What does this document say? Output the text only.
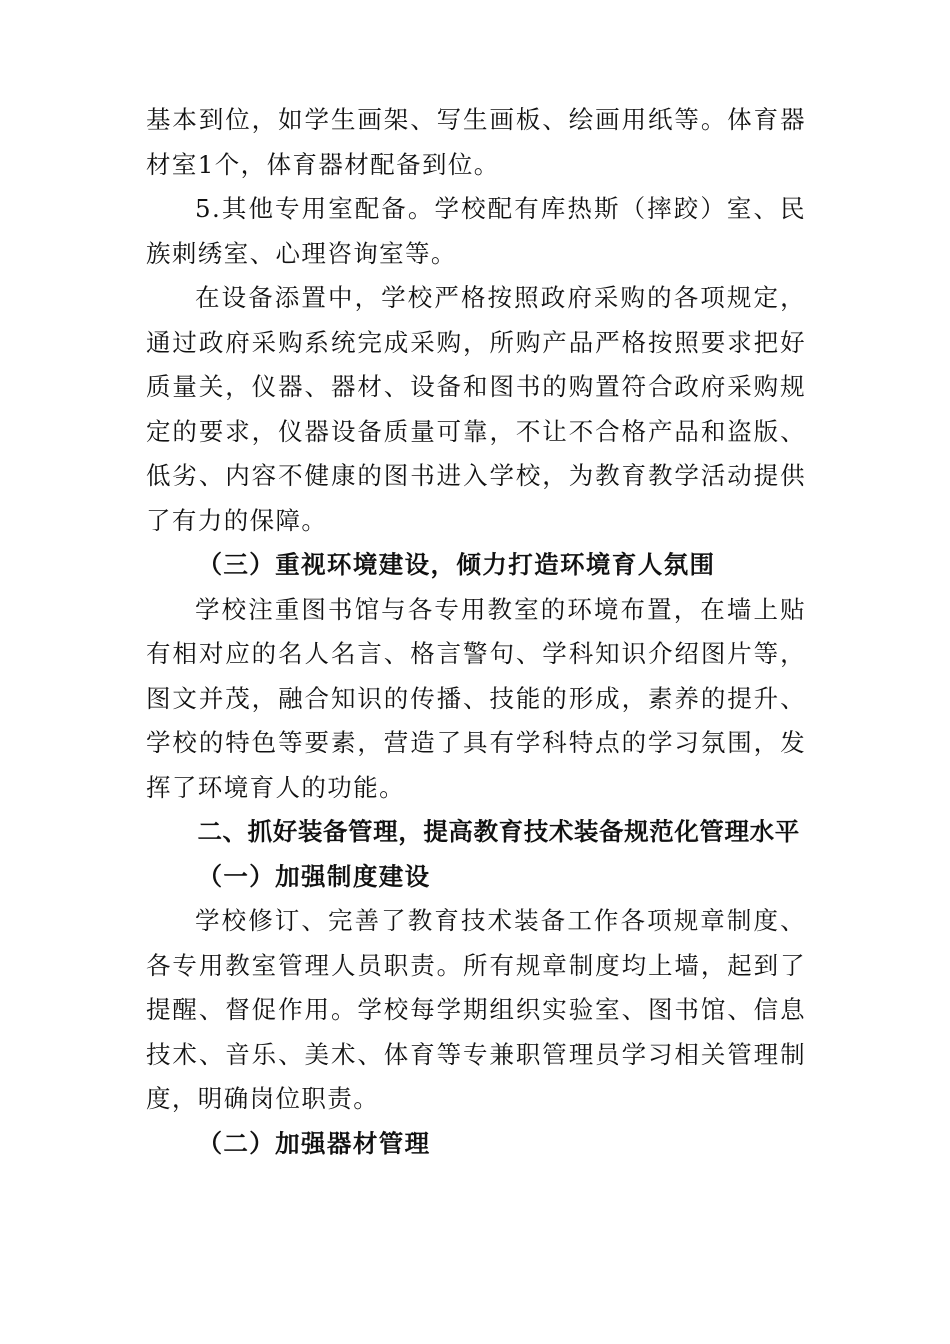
基本到位，如学生画架、写生画板、绘画用纸等。体育器材室1个，体育器材配备到位。

5.其他专用室配备。学校配有库热斯（摔跤）室、民族刺绣室、心理咨询室等。

在设备添置中，学校严格按照政府采购的各项规定，通过政府采购系统完成采购，所购产品严格按照要求把好质量关，仪器、器材、设备和图书的购置符合政府采购规定的要求，仪器设备质量可靠，不让不合格产品和盗版、低劣、内容不健康的图书进入学校，为教育教学活动提供了有力的保障。

（三）重视环境建设，倾力打造环境育人氛围

学校注重图书馆与各专用教室的环境布置，在墙上贴有相对应的名人名言、格言警句、学科知识介绍图片等，图文并茂，融合知识的传播、技能的形成，素养的提升、学校的特色等要素，营造了具有学科特点的学习氛围，发挥了环境育人的功能。

二、抓好装备管理，提高教育技术装备规范化管理水平

（一）加强制度建设

学校修订、完善了教育技术装备工作各项规章制度、各专用教室管理人员职责。所有规章制度均上墙，起到了提醒、督促作用。学校每学期组织实验室、图书馆、信息技术、音乐、美术、体育等专兼职管理员学习相关管理制度，明确岗位职责。

（二）加强器材管理
